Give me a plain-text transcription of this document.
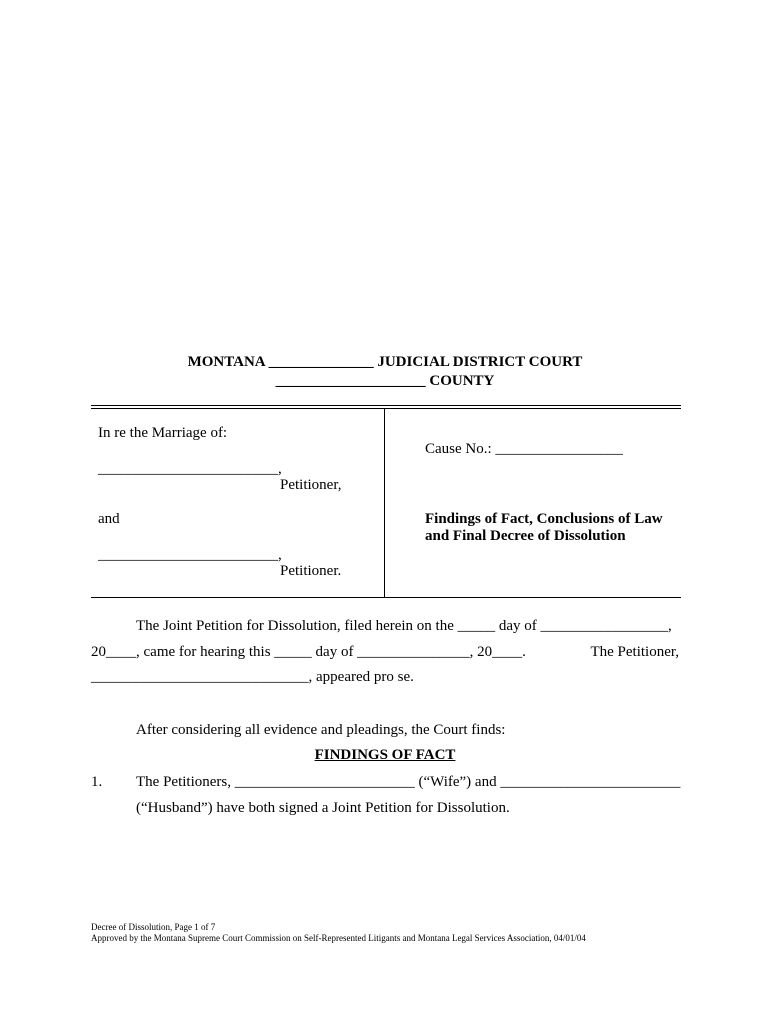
MONTANA ______________ JUDICIAL DISTRICT COURT
____________________ COUNTY
In re the Marriage of:
________________________,
Petitioner,
and
________________________,
Petitioner.
Cause No.: _________________
Findings of Fact, Conclusions of Law
and Final Decree of Dissolution
The Joint Petition for Dissolution, filed herein on the _____ day of _________________,
20____, came for hearing this _____ day of _______________, 20____.	The Petitioner,
_____________________________, appeared pro se.
After considering all evidence and pleadings, the Court finds:
FINDINGS OF FACT
1. The Petitioners, ________________________ (“Wife”) and ________________________
(“Husband”) have both signed a Joint Petition for Dissolution.
Decree of Dissolution, Page 1 of 7
Approved by the Montana Supreme Court Commission on Self-Represented Litigants and Montana Legal Services Association, 04/01/04
